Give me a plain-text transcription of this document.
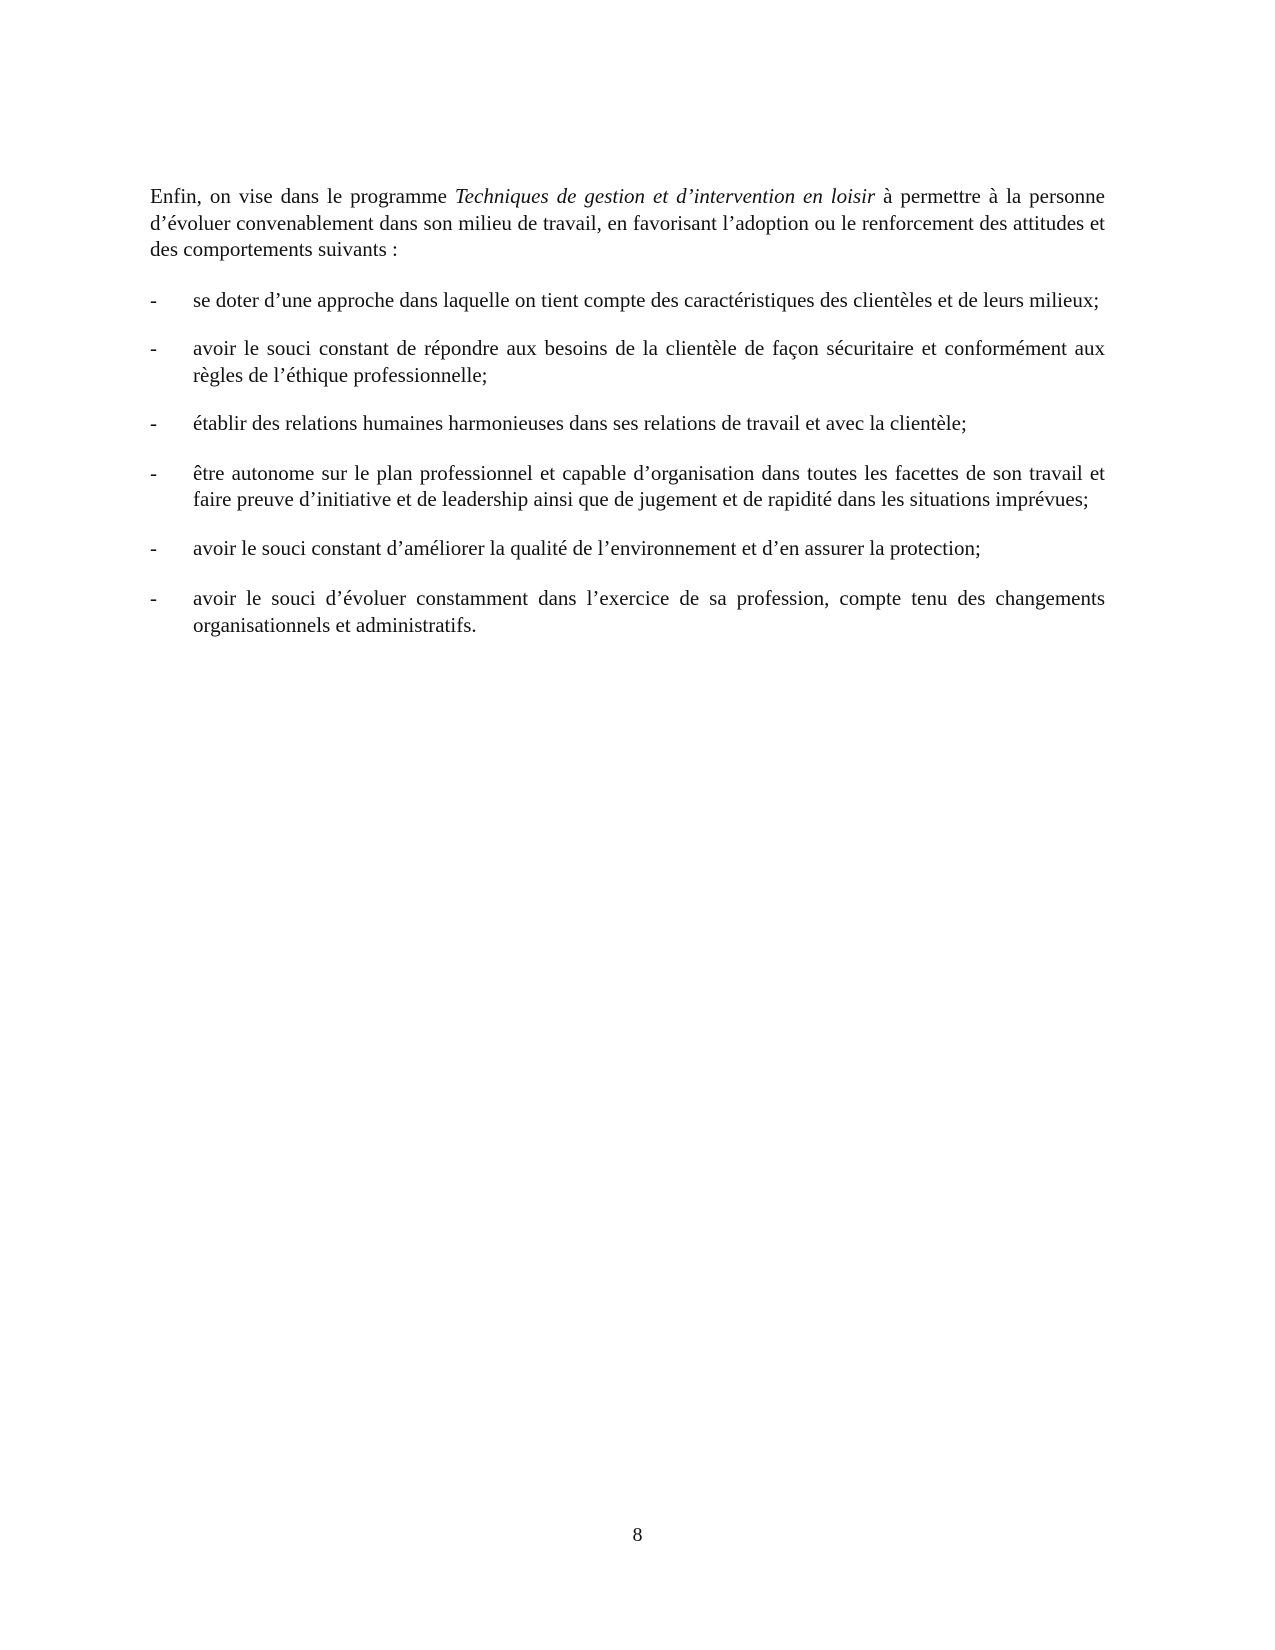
Enfin, on vise dans le programme Techniques de gestion et d’intervention en loisir à permettre à la personne d’évoluer convenablement dans son milieu de travail, en favorisant l’adoption ou le renforcement des attitudes et des comportements suivants :

- se doter d’une approche dans laquelle on tient compte des caractéristiques des clientèles et de leurs milieux;
- avoir le souci constant de répondre aux besoins de la clientèle de façon sécuritaire et conformément aux règles de l’éthique professionnelle;
- établir des relations humaines harmonieuses dans ses relations de travail et avec la clientèle;
- être autonome sur le plan professionnel et capable d’organisation dans toutes les facettes de son travail et faire preuve d’initiative et de leadership ainsi que de jugement et de rapidité dans les situations imprévues;
- avoir le souci constant d’améliorer la qualité de l’environnement et d’en assurer la protection;
- avoir le souci d’évoluer constamment dans l’exercice de sa profession, compte tenu des changements organisationnels et administratifs.
8
